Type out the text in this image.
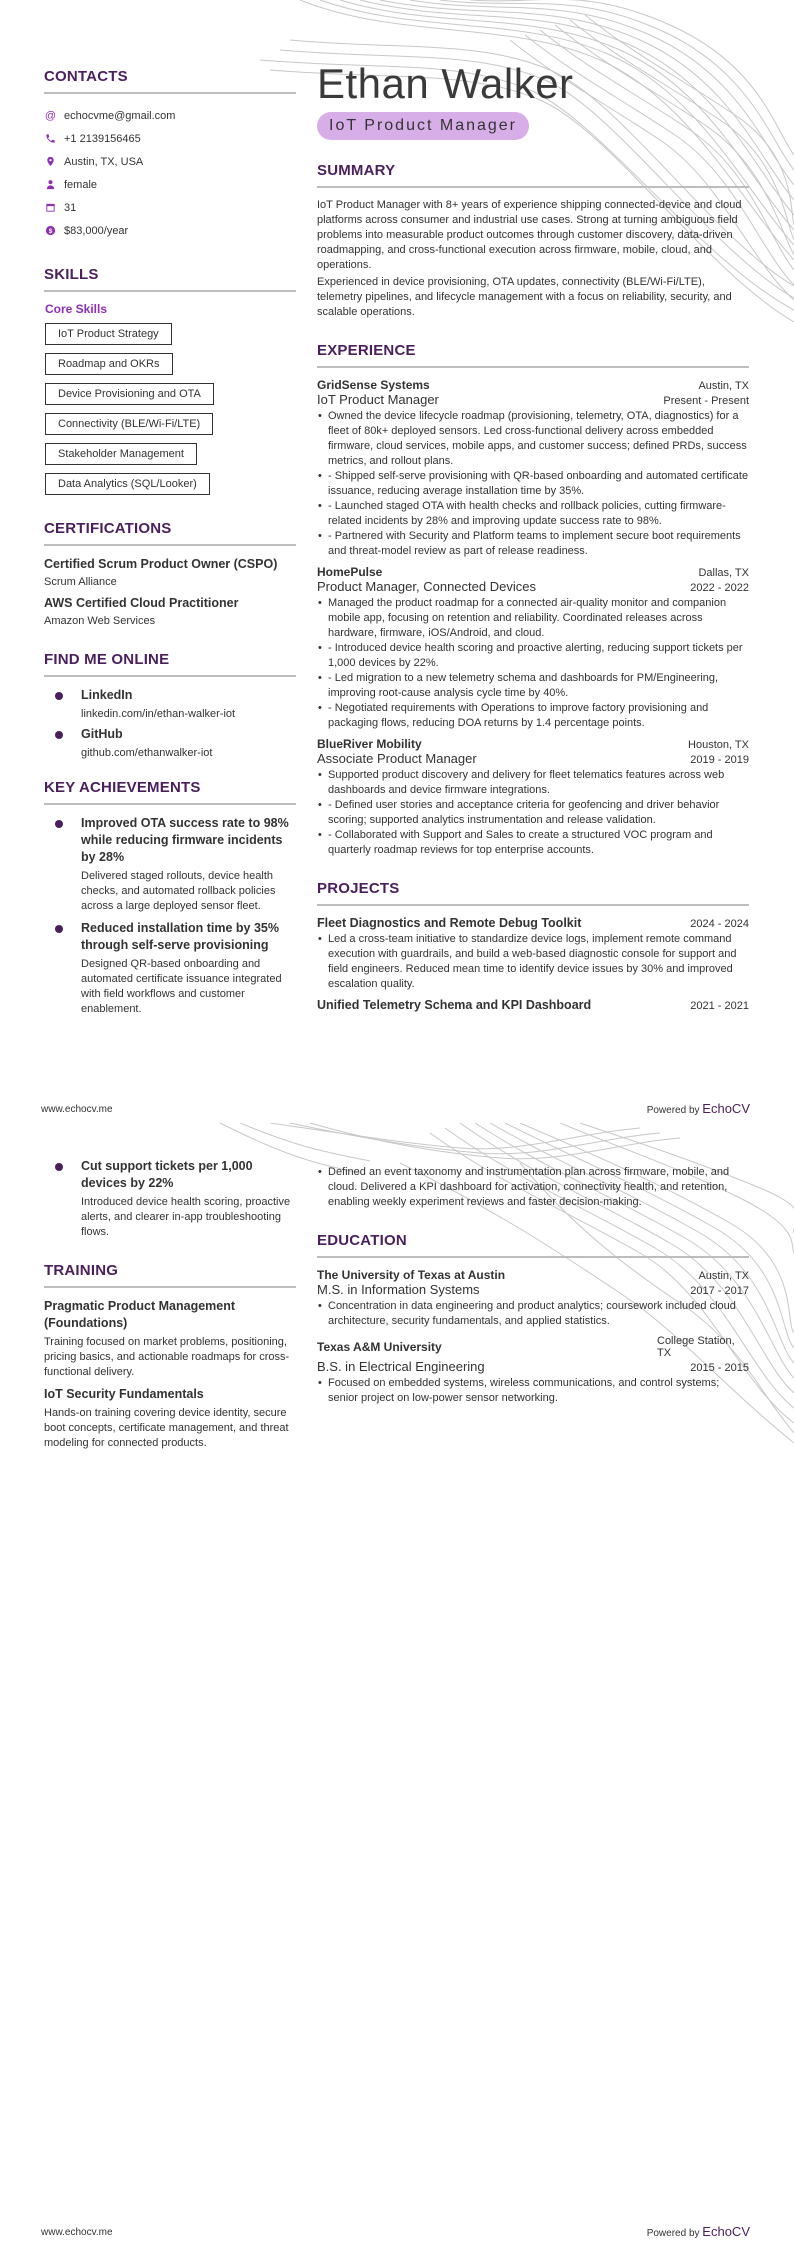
CONTACTS
@ echocvme@gmail.com
+1 2139156465
Austin, TX, USA
female
31
$ $83,000/year
SKILLS
Core Skills
IoT Product Strategy
Roadmap and OKRs
Device Provisioning and OTA
Connectivity (BLE/Wi-Fi/LTE)
Stakeholder Management
Data Analytics (SQL/Looker)
CERTIFICATIONS
Certified Scrum Product Owner (CSPO)
Scrum Alliance
AWS Certified Cloud Practitioner
Amazon Web Services
FIND ME ONLINE
LinkedIn
linkedin.com/in/ethan-walker-iot
GitHub
github.com/ethanwalker-iot
KEY ACHIEVEMENTS
Improved OTA success rate to 98% while reducing firmware incidents by 28%
Delivered staged rollouts, device health checks, and automated rollback policies across a large deployed sensor fleet.
Reduced installation time by 35% through self-serve provisioning
Designed QR-based onboarding and automated certificate issuance integrated with field workflows and customer enablement.
Ethan Walker
IoT Product Manager
SUMMARY

IoT Product Manager with 8+ years of experience shipping connected-device and cloud platforms across consumer and industrial use cases. Strong at turning ambiguous field problems into measurable product outcomes through customer discovery, data-driven roadmapping, and cross-functional execution across firmware, mobile, cloud, and operations.

Experienced in device provisioning, OTA updates, connectivity (BLE/Wi-Fi/LTE), telemetry pipelines, and lifecycle management with a focus on reliability, security, and scalable operations.

EXPERIENCE
GridSense Systems	Austin, TX
IoT Product Manager	Present - Present
• Owned the device lifecycle roadmap (provisioning, telemetry, OTA, diagnostics) for a fleet of 80k+ deployed sensors. Led cross-functional delivery across embedded firmware, cloud services, mobile apps, and customer success; defined PRDs, success metrics, and rollout plans.
• - Shipped self-serve provisioning with QR-based onboarding and automated certificate issuance, reducing average installation time by 35%.
• - Launched staged OTA with health checks and rollback policies, cutting firmware-related incidents by 28% and improving update success rate to 98%.
• - Partnered with Security and Platform teams to implement secure boot requirements and threat-model review as part of release readiness.
HomePulse	Dallas, TX
Product Manager, Connected Devices	2022 - 2022
• Managed the product roadmap for a connected air-quality monitor and companion mobile app, focusing on retention and reliability. Coordinated releases across hardware, firmware, iOS/Android, and cloud.
• - Introduced device health scoring and proactive alerting, reducing support tickets per 1,000 devices by 22%.
• - Led migration to a new telemetry schema and dashboards for PM/Engineering, improving root-cause analysis cycle time by 40%.
• - Negotiated requirements with Operations to improve factory provisioning and packaging flows, reducing DOA returns by 1.4 percentage points.
BlueRiver Mobility	Houston, TX
Associate Product Manager	2019 - 2019
• Supported product discovery and delivery for fleet telematics features across web dashboards and device firmware integrations.
• - Defined user stories and acceptance criteria for geofencing and driver behavior scoring; supported analytics instrumentation and release validation.
• - Collaborated with Support and Sales to create a structured VOC program and quarterly roadmap reviews for top enterprise accounts.
PROJECTS
Fleet Diagnostics and Remote Debug Toolkit	2024 - 2024
• Led a cross-team initiative to standardize device logs, implement remote command execution with guardrails, and build a web-based diagnostic console for support and field engineers. Reduced mean time to identify device issues by 30% and improved escalation quality.
Unified Telemetry Schema and KPI Dashboard	2021 - 2021
www.echocv.me	Powered by EchoCV
Cut support tickets per 1,000 devices by 22%
Introduced device health scoring, proactive alerts, and clearer in-app troubleshooting flows.
TRAINING
Pragmatic Product Management (Foundations)
Training focused on market problems, positioning, pricing basics, and actionable roadmaps for cross-functional delivery.
IoT Security Fundamentals
Hands-on training covering device identity, secure boot concepts, certificate management, and threat modeling for connected products.
• Defined an event taxonomy and instrumentation plan across firmware, mobile, and cloud. Delivered a KPI dashboard for activation, connectivity health, and retention, enabling weekly experiment reviews and faster decision-making.
EDUCATION
The University of Texas at Austin	Austin, TX
M.S. in Information Systems	2017 - 2017
• Concentration in data engineering and product analytics; coursework included cloud architecture, security fundamentals, and applied statistics.
Texas A&M University	College Station, TX
B.S. in Electrical Engineering	2015 - 2015
• Focused on embedded systems, wireless communications, and control systems; senior project on low-power sensor networking.
www.echocv.me	Powered by EchoCV
